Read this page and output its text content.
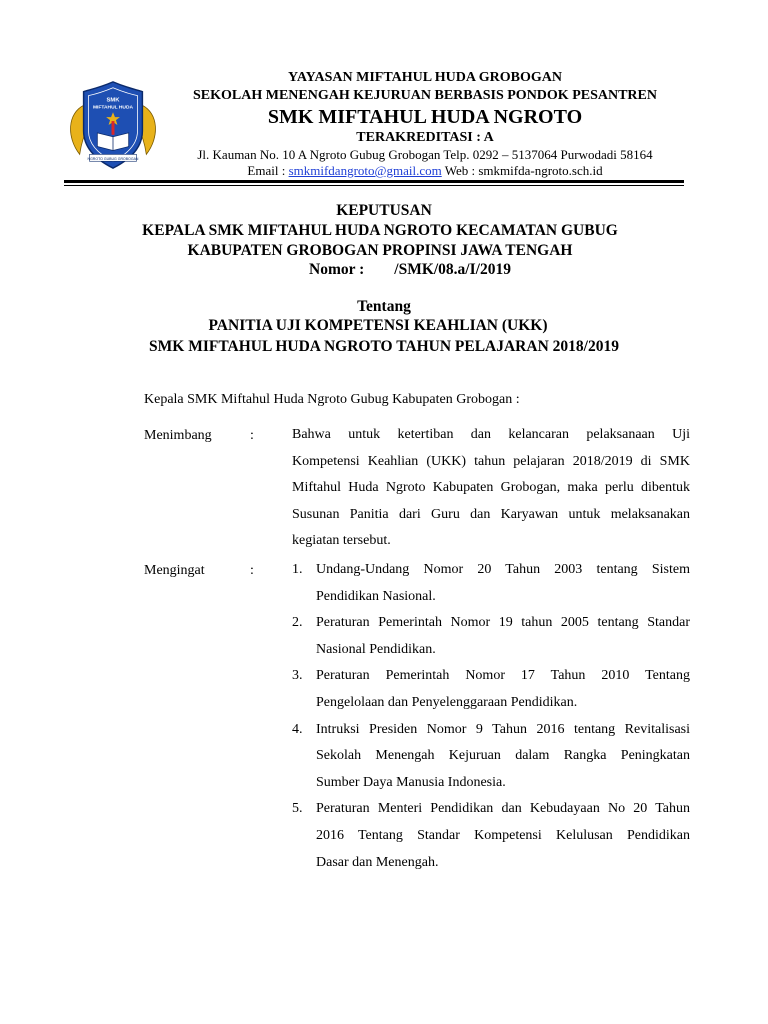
SMK
MIFTAHUL HUDA
NGROTO GUBUG GROBOGAN
YAYASAN MIFTAHUL HUDA GROBOGAN
SEKOLAH MENENGAH KEJURUAN BERBASIS PONDOK PESANTREN
SMK MIFTAHUL HUDA NGROTO
TERAKREDITASI : A
Jl. Kauman No. 10 A Ngroto Gubug Grobogan Telp. 0292 – 5137064 Purwodadi 58164
Email : smkmifdangroto@gmail.com Web : smkmifda-ngroto.sch.id
KEPUTUSAN
KEPALA SMK MIFTAHUL HUDA NGROTO KECAMATAN GUBUG
KABUPATEN GROBOGAN PROPINSI JAWA TENGAH
Nomor : /SMK/08.a/I/2019
Tentang
PANITIA UJI KOMPETENSI KEAHLIAN (UKK)
SMK MIFTAHUL HUDA NGROTO TAHUN PELAJARAN 2018/2019
Kepala SMK Miftahul Huda Ngroto Gubug Kabupaten Grobogan :
Menimbang	:	Bahwa untuk ketertiban dan kelancaran pelaksanaan Uji
Kompetensi Keahlian (UKK) tahun pelajaran 2018/2019 di SMK
Miftahul Huda Ngroto Kabupaten Grobogan, maka perlu dibentuk
Susunan Panitia dari Guru dan Karyawan untuk melaksanakan
kegiatan tersebut.
Mengingat	:	1. Undang-Undang Nomor 20 Tahun 2003 tentang Sistem
Pendidikan Nasional.
2. Peraturan Pemerintah Nomor 19 tahun 2005 tentang Standar
Nasional Pendidikan.
3. Peraturan Pemerintah Nomor 17 Tahun 2010 Tentang
Pengelolaan dan Penyelenggaraan Pendidikan.
4. Intruksi Presiden Nomor 9 Tahun 2016 tentang Revitalisasi
Sekolah Menengah Kejuruan dalam Rangka Peningkatan
Sumber Daya Manusia Indonesia.
5. Peraturan Menteri Pendidikan dan Kebudayaan No 20 Tahun
2016 Tentang Standar Kompetensi Kelulusan Pendidikan
Dasar dan Menengah.
